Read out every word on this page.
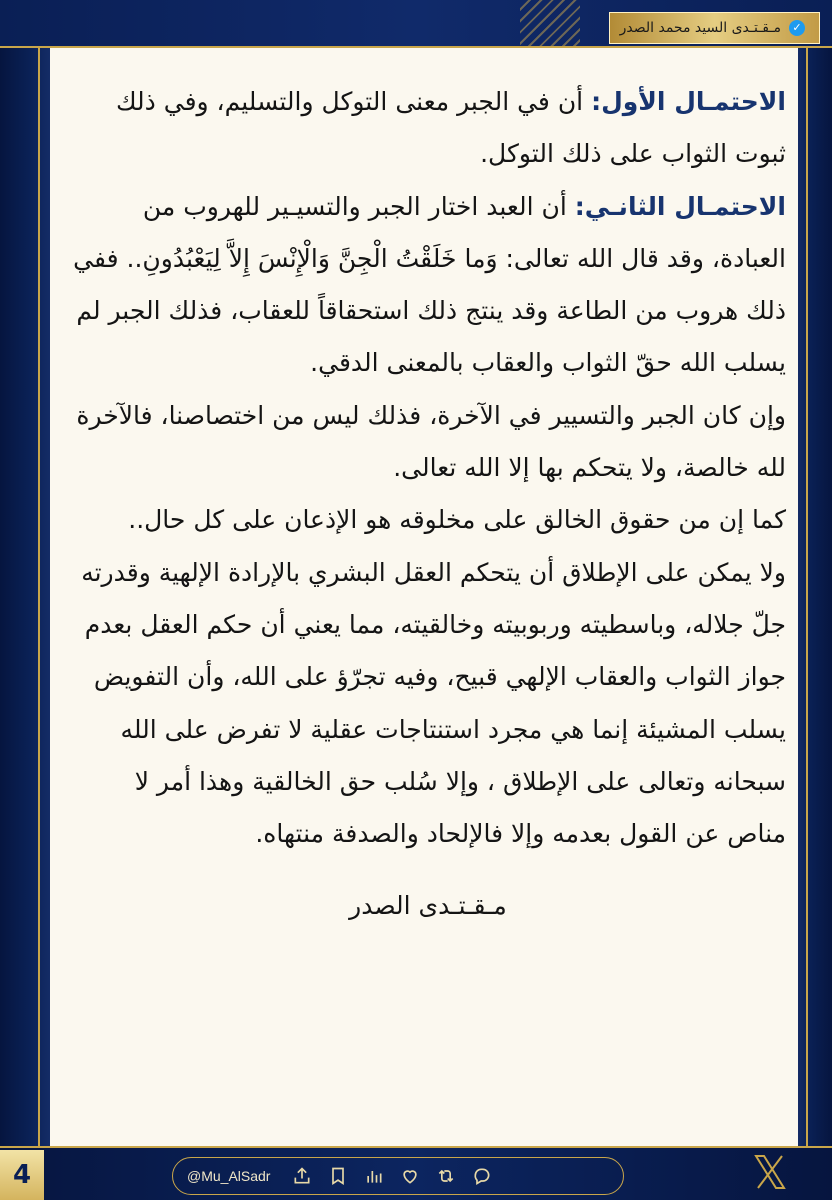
✓
مـقـتـدى السيد محمد الصدر

الاحتمـال الأول: أن في الجبر معنى التوكل والتسليم، وفي ذلك ثبوت الثواب على ذلك التوكل.

الاحتمـال الثانـي: أن العبد اختار الجبر والتسيـير للهروب من العبادة، وقد قال الله تعالى: وَما خَلَقْتُ الْجِنَّ وَالْإِنْسَ إِلاَّ لِيَعْبُدُونِ.. ففي ذلك هروب من الطاعة وقد ينتج ذلك استحقاقاً للعقاب، فذلك الجبر لم يسلب الله حقّ الثواب والعقاب بالمعنى الدقي.

وإن كان الجبر والتسيير في الآخرة، فذلك ليس من اختصاصنا، فالآخرة لله خالصة، ولا يتحكم بها إلا الله تعالى.

كما إن من حقوق الخالق على مخلوقه هو الإذعان على كل حال..

ولا يمكن على الإطلاق أن يتحكم العقل البشري بالإرادة الإلهية وقدرته جلّ جلاله، وباسطيته وربوبيته وخالقيته، مما يعني أن حكم العقل بعدم جواز الثواب والعقاب الإلهي قبيح، وفيه تجرّؤ على الله، وأن التفويض يسلب المشيئة إنما هي مجرد استنتاجات عقلية لا تفرض على الله سبحانه وتعالى على الإطلاق ، وإلا سُلب حق الخالقية وهذا أمر لا مناص عن القول بعدمه وإلا فالإلحاد والصدفة منتهاه.

مـقـتـدى الصدر
4	@Mu_AlSadr
